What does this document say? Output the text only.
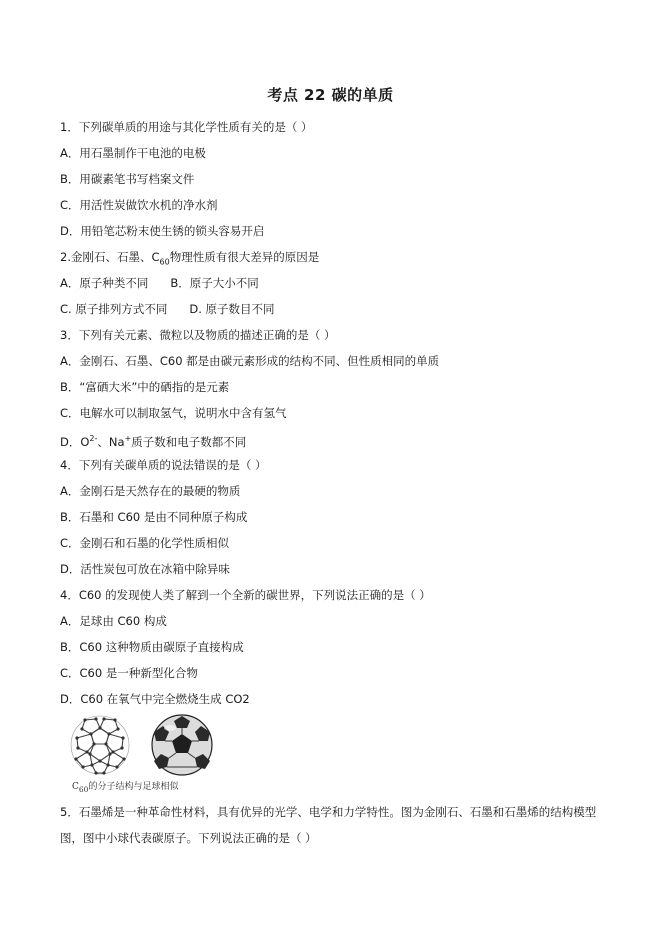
考点 22 碳的单质
1．下列碳单质的用途与其化学性质有关的是（ ）
A．用石墨制作干电池的电极
B．用碳素笔书写档案文件
C．用活性炭做饮水机的净水剂
D．用铅笔芯粉末使生锈的锁头容易开启
2.金刚石、石墨、$C_{60}$物理性质有很大差异的原因是
A．原子种类不同 B．原子大小不同
C. 原子排列方式不同 D. 原子数目不同
3．下列有关元素、微粒以及物质的描述正确的是（ ）
A．金刚石、石墨、C60 都是由碳元素形成的结构不同、但性质相同的单质
B．“富硒大米”中的硒指的是元素
C．电解水可以制取氢气，说明水中含有氢气
D．$O^{2-}$、Na+质子数和电子数都不同
4．下列有关碳单质的说法错误的是（ ）
A．金刚石是天然存在的最硬的物质
B．石墨和 C60 是由不同种原子构成
C．金刚石和石墨的化学性质相似
D．活性炭包可放在冰箱中除异味
4．C60 的发现使人类了解到一个全新的碳世界，下列说法正确的是（ ）
A．足球由 C60 构成
B．C60 这种物质由碳原子直接构成
C．C60 是一种新型化合物
D．C60 在氧气中完全燃烧生成 CO2
$C_{60}$的分子结构与足球相似
5．石墨烯是一种革命性材料，具有优异的光学、电学和力学特性。图为金刚石、石墨和石墨烯的结构模型
图，图中小球代表碳原子。下列说法正确的是（ ）
